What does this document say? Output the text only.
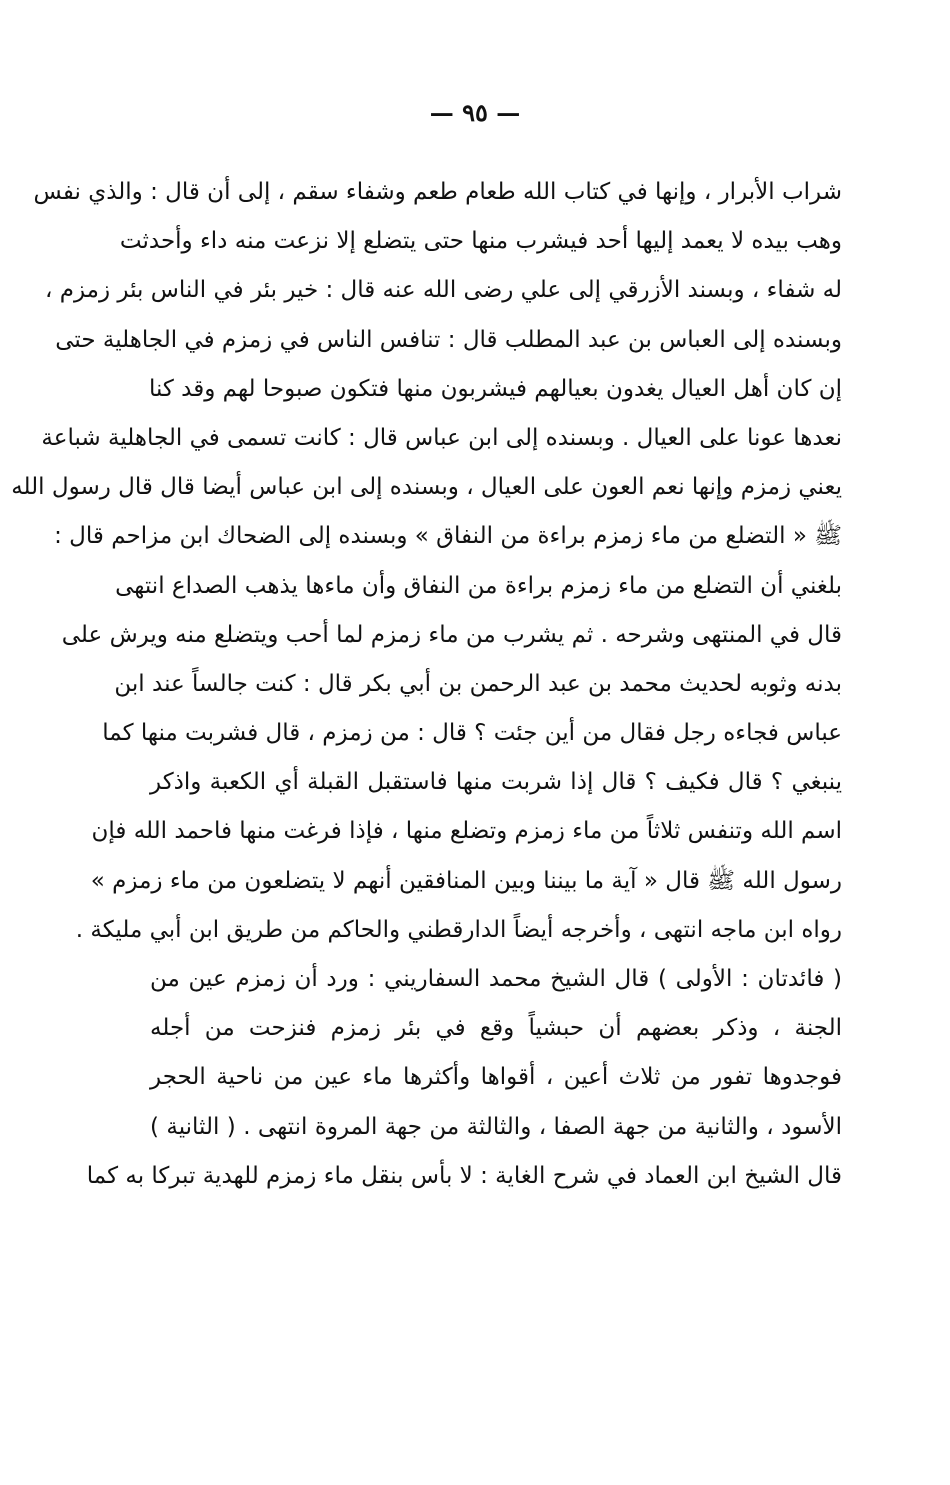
— ٩٥ —
شراب الأبرار ، وإنها في كتاب الله طعام طعم وشفاء سقم ، إلى أن قال : والذي نفس
وهب بيده لا يعمد إليها أحد فيشرب منها حتى يتضلع إلا نزعت منه داء وأحدثت
له شفاء ، وبسند الأزرقي إلى علي رضى الله عنه قال : خير بئر في الناس بئر زمزم ،
وبسنده إلى العباس بن عبد المطلب قال : تنافس الناس في زمزم في الجاهلية حتى
إن كان أهل العيال يغدون بعيالهم فيشربون منها فتكون صبوحا لهم وقد كنا
نعدها عونا على العيال . وبسنده إلى ابن عباس قال : كانت تسمى في الجاهلية شباعة
يعني زمزم وإنها نعم العون على العيال ، وبسنده إلى ابن عباس أيضا قال قال رسول الله
ﷺ « التضلع من ماء زمزم براءة من النفاق » وبسنده إلى الضحاك ابن مزاحم قال :
بلغني أن التضلع من ماء زمزم براءة من النفاق وأن ماءها يذهب الصداع انتهى
قال في المنتهى وشرحه . ثم يشرب من ماء زمزم لما أحب ويتضلع منه ويرش على
بدنه وثوبه لحديث محمد بن عبد الرحمن بن أبي بكر قال : كنت جالساً عند ابن
عباس فجاءه رجل فقال من أين جئت ؟ قال : من زمزم ، قال فشربت منها كما
ينبغي ؟ قال فكيف ؟ قال إذا شربت منها فاستقبل القبلة أي الكعبة واذكر
اسم الله وتنفس ثلاثاً من ماء زمزم وتضلع منها ، فإذا فرغت منها فاحمد الله فإن
رسول الله ﷺ قال « آية ما بيننا وبين المنافقين أنهم لا يتضلعون من ماء زمزم »
رواه ابن ماجه انتهى ، وأخرجه أيضاً الدارقطني والحاكم من طريق ابن أبي مليكة .
( فائدتان : الأولى ) قال الشيخ محمد السفاريني : ورد أن زمزم عين من
الجنة ، وذكر بعضهم أن حبشياً وقع في بئر زمزم فنزحت من أجله
فوجدوها تفور من ثلاث أعين ، أقواها وأكثرها ماء عين من ناحية الحجر
الأسود ، والثانية من جهة الصفا ، والثالثة من جهة المروة انتهى . ( الثانية )
قال الشيخ ابن العماد في شرح الغاية : لا بأس بنقل ماء زمزم للهدية تبركا به كما
